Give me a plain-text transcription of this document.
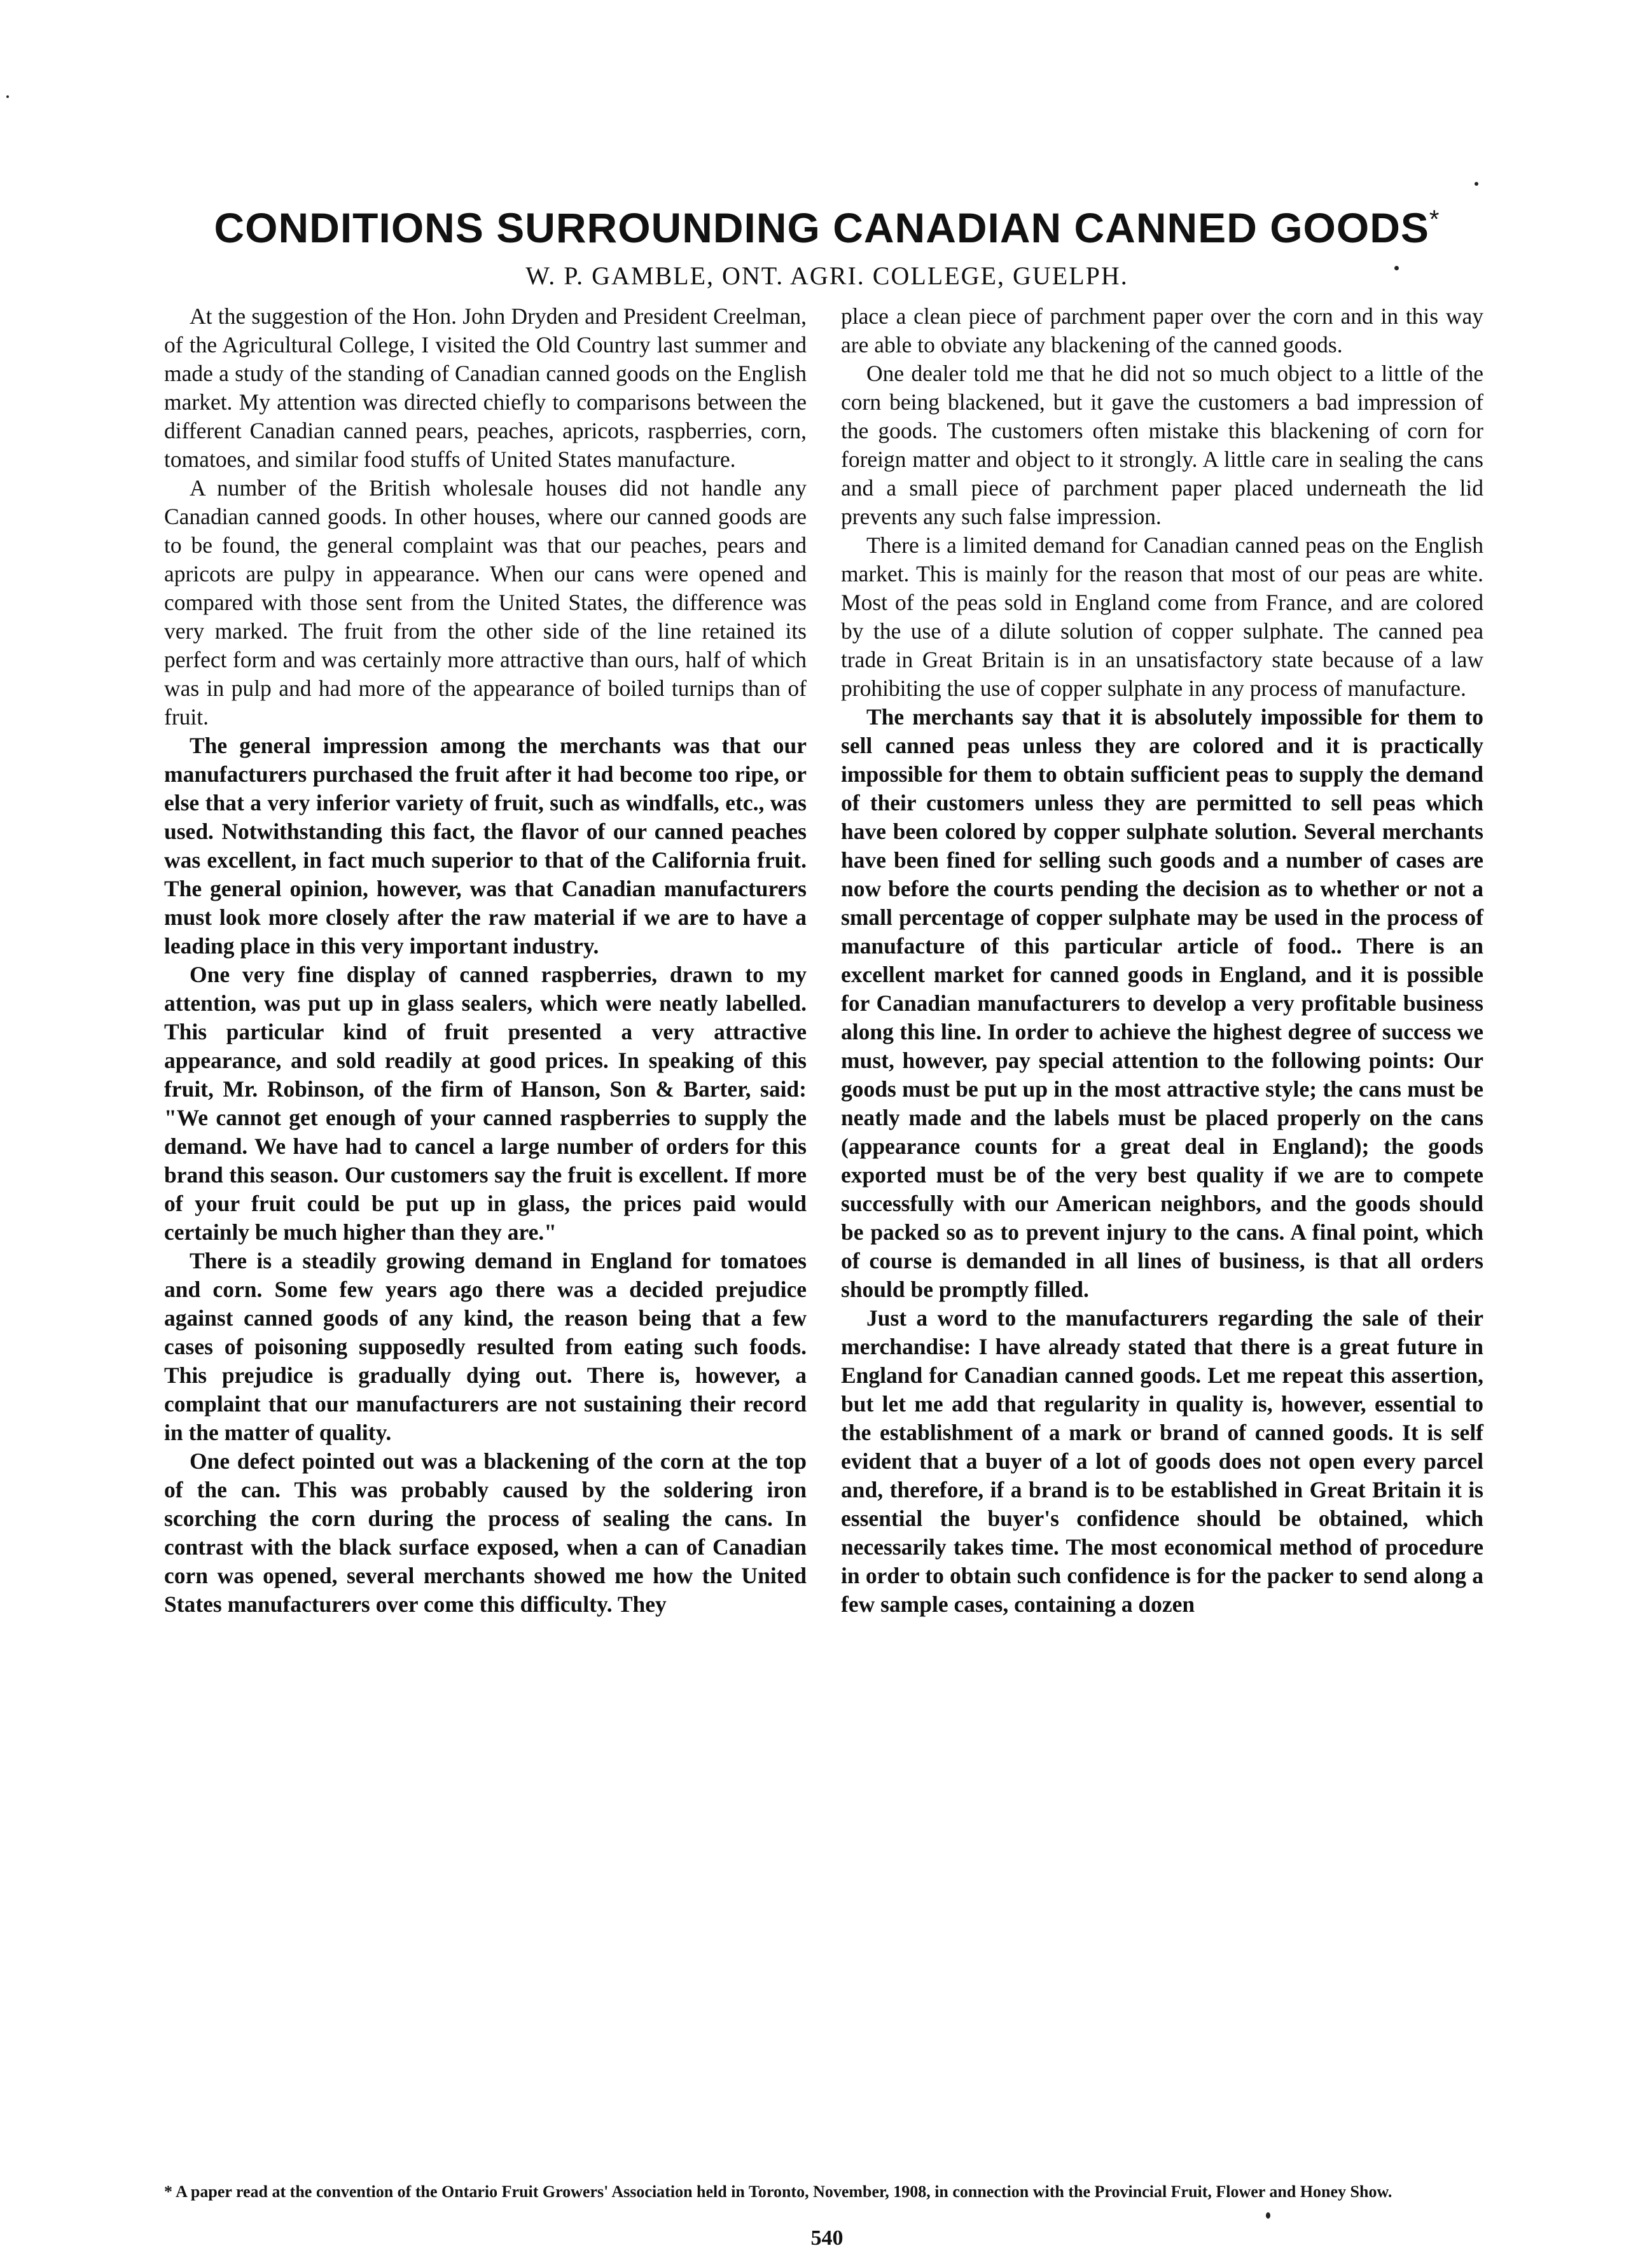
CONDITIONS SURROUNDING CANADIAN CANNED GOODS*
W. P. GAMBLE, ONT. AGRI. COLLEGE, GUELPH.

At the suggestion of the Hon. John Dryden and President Creelman, of the Agricultural College, I visited the Old Country last summer and made a study of the standing of Canadian canned goods on the English market. My attention was directed chiefly to comparisons between the different Canadian canned pears, peaches, apricots, raspberries, corn, tomatoes, and similar food stuffs of United States manufacture.

A number of the British wholesale houses did not handle any Canadian canned goods. In other houses, where our canned goods are to be found, the general complaint was that our peaches, pears and apricots are pulpy in appearance. When our cans were opened and compared with those sent from the United States, the difference was very marked. The fruit from the other side of the line retained its perfect form and was certainly more attractive than ours, half of which was in pulp and had more of the appearance of boiled turnips than of fruit.

The general impression among the merchants was that our manufacturers purchased the fruit after it had become too ripe, or else that a very inferior variety of fruit, such as windfalls, etc., was used. Notwithstanding this fact, the flavor of our canned peaches was excellent, in fact much superior to that of the California fruit. The general opinion, however, was that Canadian manufacturers must look more closely after the raw material if we are to have a leading place in this very important industry.

One very fine display of canned raspberries, drawn to my attention, was put up in glass sealers, which were neatly labelled. This particular kind of fruit presented a very attractive appearance, and sold readily at good prices. In speaking of this fruit, Mr. Robinson, of the firm of Hanson, Son & Barter, said: "We cannot get enough of your canned raspberries to supply the demand. We have had to cancel a large number of orders for this brand this season. Our customers say the fruit is excellent. If more of your fruit could be put up in glass, the prices paid would certainly be much higher than they are."

There is a steadily growing demand in England for tomatoes and corn. Some few years ago there was a decided prejudice against canned goods of any kind, the reason being that a few cases of poisoning supposedly resulted from eating such foods. This prejudice is gradually dying out. There is, however, a complaint that our manufacturers are not sustaining their record in the matter of quality.

One defect pointed out was a blackening of the corn at the top of the can. This was probably caused by the soldering iron scorching the corn during the process of sealing the cans. In contrast with the black surface exposed, when a can of Canadian corn was opened, several merchants showed me how the United States manufacturers over come this difficulty. They

place a clean piece of parchment paper over the corn and in this way are able to obviate any blackening of the canned goods.

One dealer told me that he did not so much object to a little of the corn being blackened, but it gave the customers a bad impression of the goods. The customers often mistake this blackening of corn for foreign matter and object to it strongly. A little care in sealing the cans and a small piece of parchment paper placed underneath the lid prevents any such false impression.

There is a limited demand for Canadian canned peas on the English market. This is mainly for the reason that most of our peas are white. Most of the peas sold in England come from France, and are colored by the use of a dilute solution of copper sulphate. The canned pea trade in Great Britain is in an unsatisfactory state because of a law prohibiting the use of copper sulphate in any process of manufacture.

The merchants say that it is absolutely impossible for them to sell canned peas unless they are colored and it is practically impossible for them to obtain sufficient peas to supply the demand of their customers unless they are permitted to sell peas which have been colored by copper sulphate solution. Several merchants have been fined for selling such goods and a number of cases are now before the courts pending the decision as to whether or not a small percentage of copper sulphate may be used in the process of manufacture of this particular article of food.. There is an excellent market for canned goods in England, and it is possible for Canadian manufacturers to develop a very profitable business along this line. In order to achieve the highest degree of success we must, however, pay special attention to the following points: Our goods must be put up in the most attractive style; the cans must be neatly made and the labels must be placed properly on the cans (appearance counts for a great deal in England); the goods exported must be of the very best quality if we are to compete successfully with our American neighbors, and the goods should be packed so as to prevent injury to the cans. A final point, which of course is demanded in all lines of business, is that all orders should be promptly filled.

Just a word to the manufacturers regarding the sale of their merchandise: I have already stated that there is a great future in England for Canadian canned goods. Let me repeat this assertion, but let me add that regularity in quality is, however, essential to the establishment of a mark or brand of canned goods. It is self evident that a buyer of a lot of goods does not open every parcel and, therefore, if a brand is to be established in Great Britain it is essential the buyer's confidence should be obtained, which necessarily takes time. The most economical method of procedure in order to obtain such confidence is for the packer to send along a few sample cases, containing a dozen

* A paper read at the convention of the Ontario Fruit Growers' Association held in Toronto, November, 1908, in connection with the Provincial Fruit, Flower and Honey Show.
540
